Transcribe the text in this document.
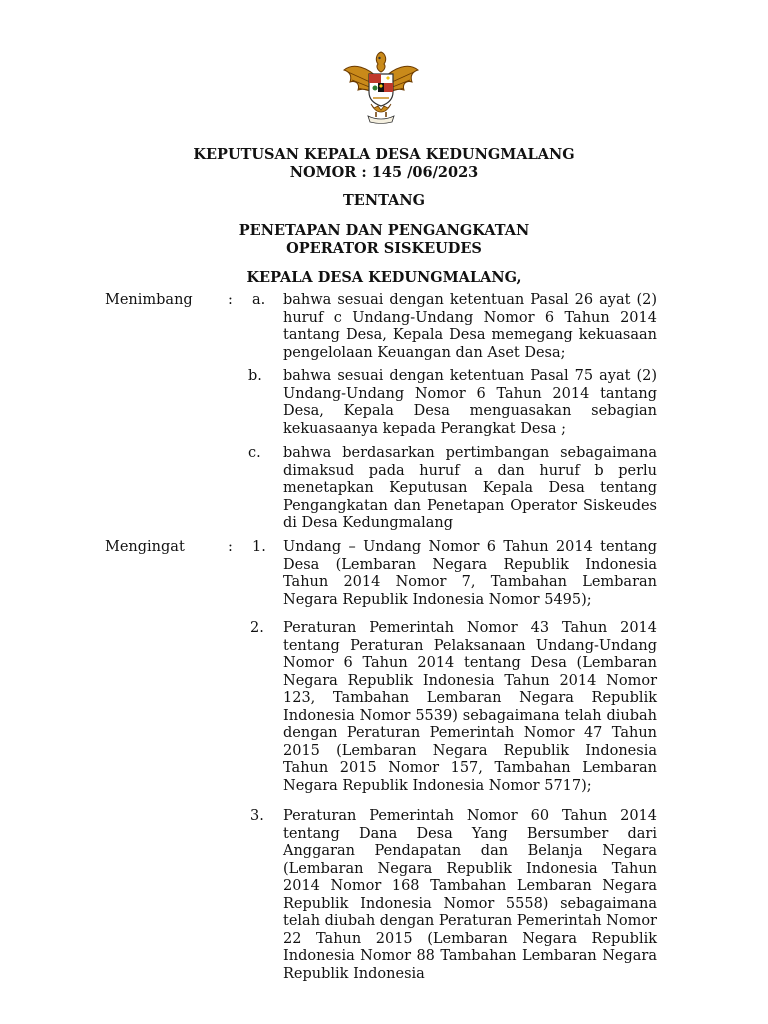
KEPUTUSAN KEPALA DESA KEDUNGMALANG
NOMOR : 145 /06/2023
TENTANG
PENETAPAN DAN PENGANGKATAN
OPERATOR SISKEUDES
KEPALA DESA KEDUNGMALANG,
Menimbang : a. bahwa sesuai dengan ketentuan Pasal 26 ayat (2) huruf c Undang-Undang Nomor 6 Tahun 2014 tantang Desa, Kepala Desa memegang kekuasaan pengelolaan Keuangan dan Aset Desa;
b. bahwa sesuai dengan ketentuan Pasal 75 ayat (2) Undang-Undang Nomor 6 Tahun 2014 tantang Desa, Kepala Desa menguasakan sebagian kekuasaanya kepada Perangkat Desa ;
c. bahwa berdasarkan pertimbangan sebagaimana dimaksud pada huruf a dan huruf b perlu menetapkan Keputusan Kepala Desa tentang Pengangkatan dan Penetapan Operator Siskeudes di Desa Kedungmalang
Mengingat	: 1. Undang – Undang Nomor 6 Tahun 2014 tentang Desa (Lembaran Negara Republik Indonesia Tahun 2014 Nomor 7, Tambahan Lembaran Negara Republik Indonesia Nomor 5495);
2. Peraturan Pemerintah Nomor 43 Tahun 2014 tentang Peraturan Pelaksanaan Undang-Undang Nomor 6 Tahun 2014 tentang Desa (Lembaran Negara Republik Indonesia Tahun 2014 Nomor 123, Tambahan Lembaran Negara Republik Indonesia Nomor 5539) sebagaimana telah diubah dengan Peraturan Pemerintah Nomor 47 Tahun 2015 (Lembaran Negara Republik Indonesia Tahun 2015 Nomor 157, Tambahan Lembaran Negara Republik Indonesia Nomor 5717);
3. Peraturan Pemerintah Nomor 60 Tahun 2014 tentang Dana Desa Yang Bersumber dari Anggaran Pendapatan dan Belanja Negara (Lembaran Negara Republik Indonesia Tahun 2014 Nomor 168 Tambahan Lembaran Negara Republik Indonesia Nomor 5558) sebagaimana telah diubah dengan Peraturan Pemerintah Nomor 22 Tahun 2015 (Lembaran Negara Republik Indonesia Nomor 88 Tambahan Lembaran Negara Republik Indonesia
